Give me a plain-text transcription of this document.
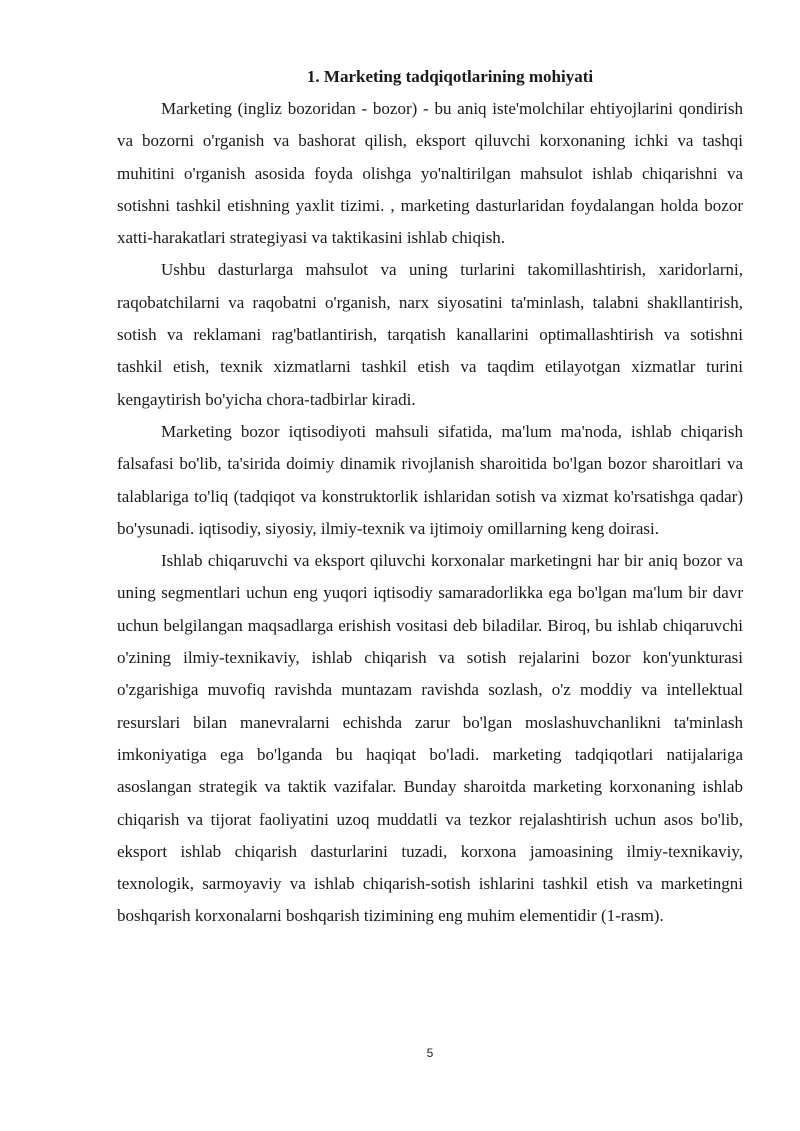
1. Marketing tadqiqotlarining mohiyati

Marketing (ingliz bozoridan - bozor) - bu aniq iste'molchilar ehtiyojlarini qondirish va bozorni o'rganish va bashorat qilish, eksport qiluvchi korxonaning ichki va tashqi muhitini o'rganish asosida foyda olishga yo'naltirilgan mahsulot ishlab chiqarishni va sotishni tashkil etishning yaxlit tizimi. , marketing dasturlaridan foydalangan holda bozor xatti-harakatlari strategiyasi va taktikasini ishlab chiqish.

Ushbu dasturlarga mahsulot va uning turlarini takomillashtirish, xaridorlarni, raqobatchilarni va raqobatni o'rganish, narx siyosatini ta'minlash, talabni shakllantirish, sotish va reklamani rag'batlantirish, tarqatish kanallarini optimallashtirish va sotishni tashkil etish, texnik xizmatlarni tashkil etish va taqdim etilayotgan xizmatlar turini kengaytirish bo'yicha chora-tadbirlar kiradi.

Marketing bozor iqtisodiyoti mahsuli sifatida, ma'lum ma'noda, ishlab chiqarish falsafasi bo'lib, ta'sirida doimiy dinamik rivojlanish sharoitida bo'lgan bozor sharoitlari va talablariga to'liq (tadqiqot va konstruktorlik ishlaridan sotish va xizmat ko'rsatishga qadar) bo'ysunadi. iqtisodiy, siyosiy, ilmiy-texnik va ijtimoiy omillarning keng doirasi.

Ishlab chiqaruvchi va eksport qiluvchi korxonalar marketingni har bir aniq bozor va uning segmentlari uchun eng yuqori iqtisodiy samaradorlikka ega bo'lgan ma'lum bir davr uchun belgilangan maqsadlarga erishish vositasi deb biladilar. Biroq, bu ishlab chiqaruvchi o'zining ilmiy-texnikaviy, ishlab chiqarish va sotish rejalarini bozor kon'yunkturasi o'zgarishiga muvofiq ravishda muntazam ravishda sozlash, o'z moddiy va intellektual resurslari bilan manevralarni echishda zarur bo'lgan moslashuvchanlikni ta'minlash imkoniyatiga ega bo'lganda bu haqiqat bo'ladi. marketing tadqiqotlari natijalariga asoslangan strategik va taktik vazifalar. Bunday sharoitda marketing korxonaning ishlab chiqarish va tijorat faoliyatini uzoq muddatli va tezkor rejalashtirish uchun asos bo'lib, eksport ishlab chiqarish dasturlarini tuzadi, korxona jamoasining ilmiy-texnikaviy, texnologik, sarmoyaviy va ishlab chiqarish-sotish ishlarini tashkil etish va marketingni boshqarish korxonalarni boshqarish tizimining eng muhim elementidir (1-rasm).

5
